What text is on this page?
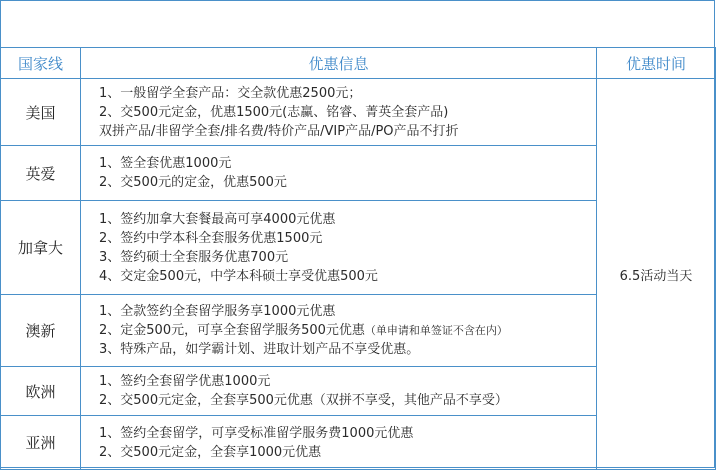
国家线	优惠信息	优惠时间
美国	1、一般留学全套产品：交全款优惠2500元；
2、交500元定金，优惠1500元(志赢、铭睿、菁英全套产品)
双拼产品/非留学全套/排名费/特价产品/VIP产品/PO产品不打折	6.5活动当天
英爱	1、签全套优惠1000元
2、交500元的定金，优惠500元	

加拿大	1、签约加拿大套餐最高可享4000元优惠
2、签约中学本科全套服务优惠1500元
3、签约硕士全套服务优惠700元
4、交定金500元，中学本科硕士享受优惠500元	

澳新	1、全款签约全套留学服务享1000元优惠
2、定金500元，可享全套留学服务500元优惠（单申请和单签证不含在内）
3、特殊产品，如学霸计划、进取计划产品不享受优惠。	

欧洲	1、签约全套留学优惠1000元
2、交500元定金，全套享500元优惠（双拼不享受，其他产品不享受）	

亚洲	1、签约全套留学，可享受标准留学服务费1000元优惠
2、交500元定金，全套享1000元优惠	
